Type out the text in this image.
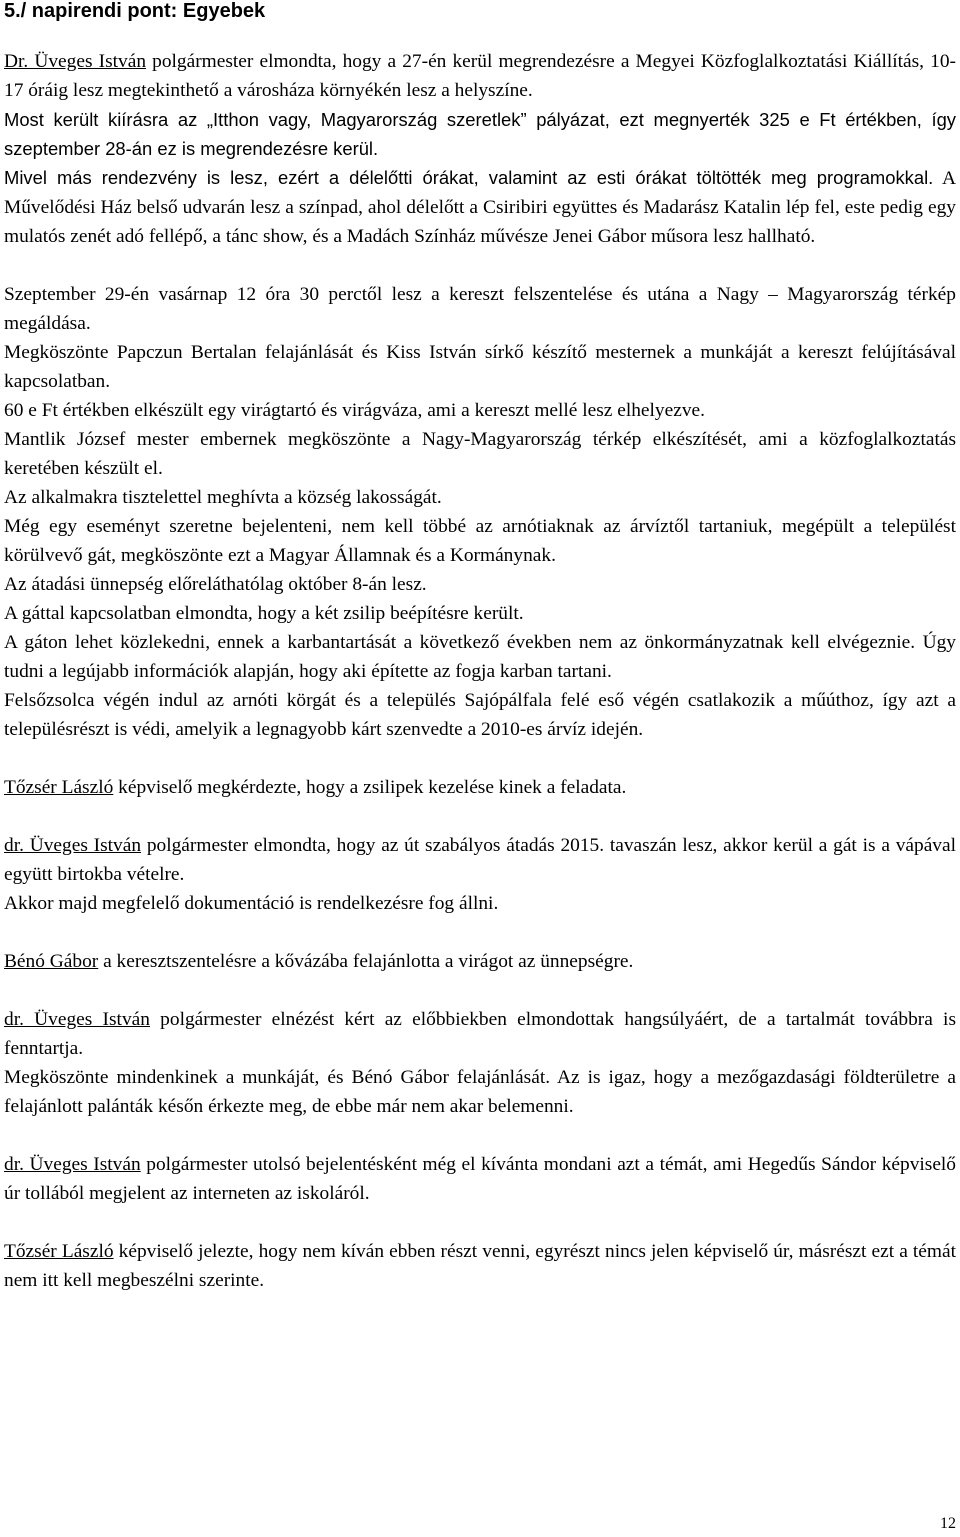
5./ napirendi pont: Egyebek

Dr. Üveges István polgármester elmondta, hogy a 27-én kerül megrendezésre a Megyei Közfoglalkoztatási Kiállítás, 10-17 óráig lesz megtekinthető a városháza környékén lesz a helyszíne.

Most került kiírásra az „Itthon vagy, Magyarország szeretlek” pályázat, ezt megnyerték 325 e Ft értékben, így szeptember 28-án ez is megrendezésre kerül.

Mivel más rendezvény is lesz, ezért a délelőtti órákat, valamint az esti órákat töltötték meg programokkal. A Művelődési Ház belső udvarán lesz a színpad, ahol délelőtt a Csiribiri együttes és Madarász Katalin lép fel, este pedig egy mulatós zenét adó fellépő, a tánc show, és a Madách Színház művésze Jenei Gábor műsora lesz hallható.

Szeptember 29-én vasárnap 12 óra 30 perctől lesz a kereszt felszentelése és utána a Nagy – Magyarország térkép megáldása.

Megköszönte Papczun Bertalan felajánlását és Kiss István sírkő készítő mesternek a munkáját a kereszt felújításával kapcsolatban.

60 e Ft értékben elkészült egy virágtartó és virágváza, ami a kereszt mellé lesz elhelyezve.

Mantlik József mester embernek megköszönte a Nagy-Magyarország térkép elkészítését, ami a közfoglalkoztatás keretében készült el.

Az alkalmakra tisztelettel meghívta a község lakosságát.

Még egy eseményt szeretne bejelenteni, nem kell többé az arnótiaknak az árvíztől tartaniuk, megépült a települést körülvevő gát, megköszönte ezt a Magyar Államnak és a Kormánynak.

Az átadási ünnepség előreláthatólag október 8-án lesz.

A gáttal kapcsolatban elmondta, hogy a két zsilip beépítésre került.

A gáton lehet közlekedni, ennek a karbantartását a következő években nem az önkormányzatnak kell elvégeznie. Úgy tudni a legújabb információk alapján, hogy aki építette az fogja karban tartani.

Felsőzsolca végén indul az arnóti körgát és a település Sajópálfala felé eső végén csatlakozik a műúthoz, így azt a településrészt is védi, amelyik a legnagyobb kárt szenvedte a 2010-es árvíz idején.

Tőzsér László képviselő megkérdezte, hogy a zsilipek kezelése kinek a feladata.

dr. Üveges István polgármester elmondta, hogy az út szabályos átadás 2015. tavaszán lesz, akkor kerül a gát is a vápával együtt birtokba vételre.

Akkor majd megfelelő dokumentáció is rendelkezésre fog állni.

Bénó Gábor a keresztszentelésre a kővázába felajánlotta a virágot az ünnepségre.

dr. Üveges István polgármester elnézést kért az előbbiekben elmondottak hangsúlyáért, de a tartalmát továbbra is fenntartja.

Megköszönte mindenkinek a munkáját, és Bénó Gábor felajánlását. Az is igaz, hogy a mezőgazdasági földterületre a felajánlott palánták későn érkezte meg, de ebbe már nem akar belemenni.

dr. Üveges István polgármester utolsó bejelentésként még el kívánta mondani azt a témát, ami Hegedűs Sándor képviselő úr tollából megjelent az interneten az iskoláról.

Tőzsér László képviselő jelezte, hogy nem kíván ebben részt venni, egyrészt nincs jelen képviselő úr, másrészt ezt a témát nem itt kell megbeszélni szerinte.

12
